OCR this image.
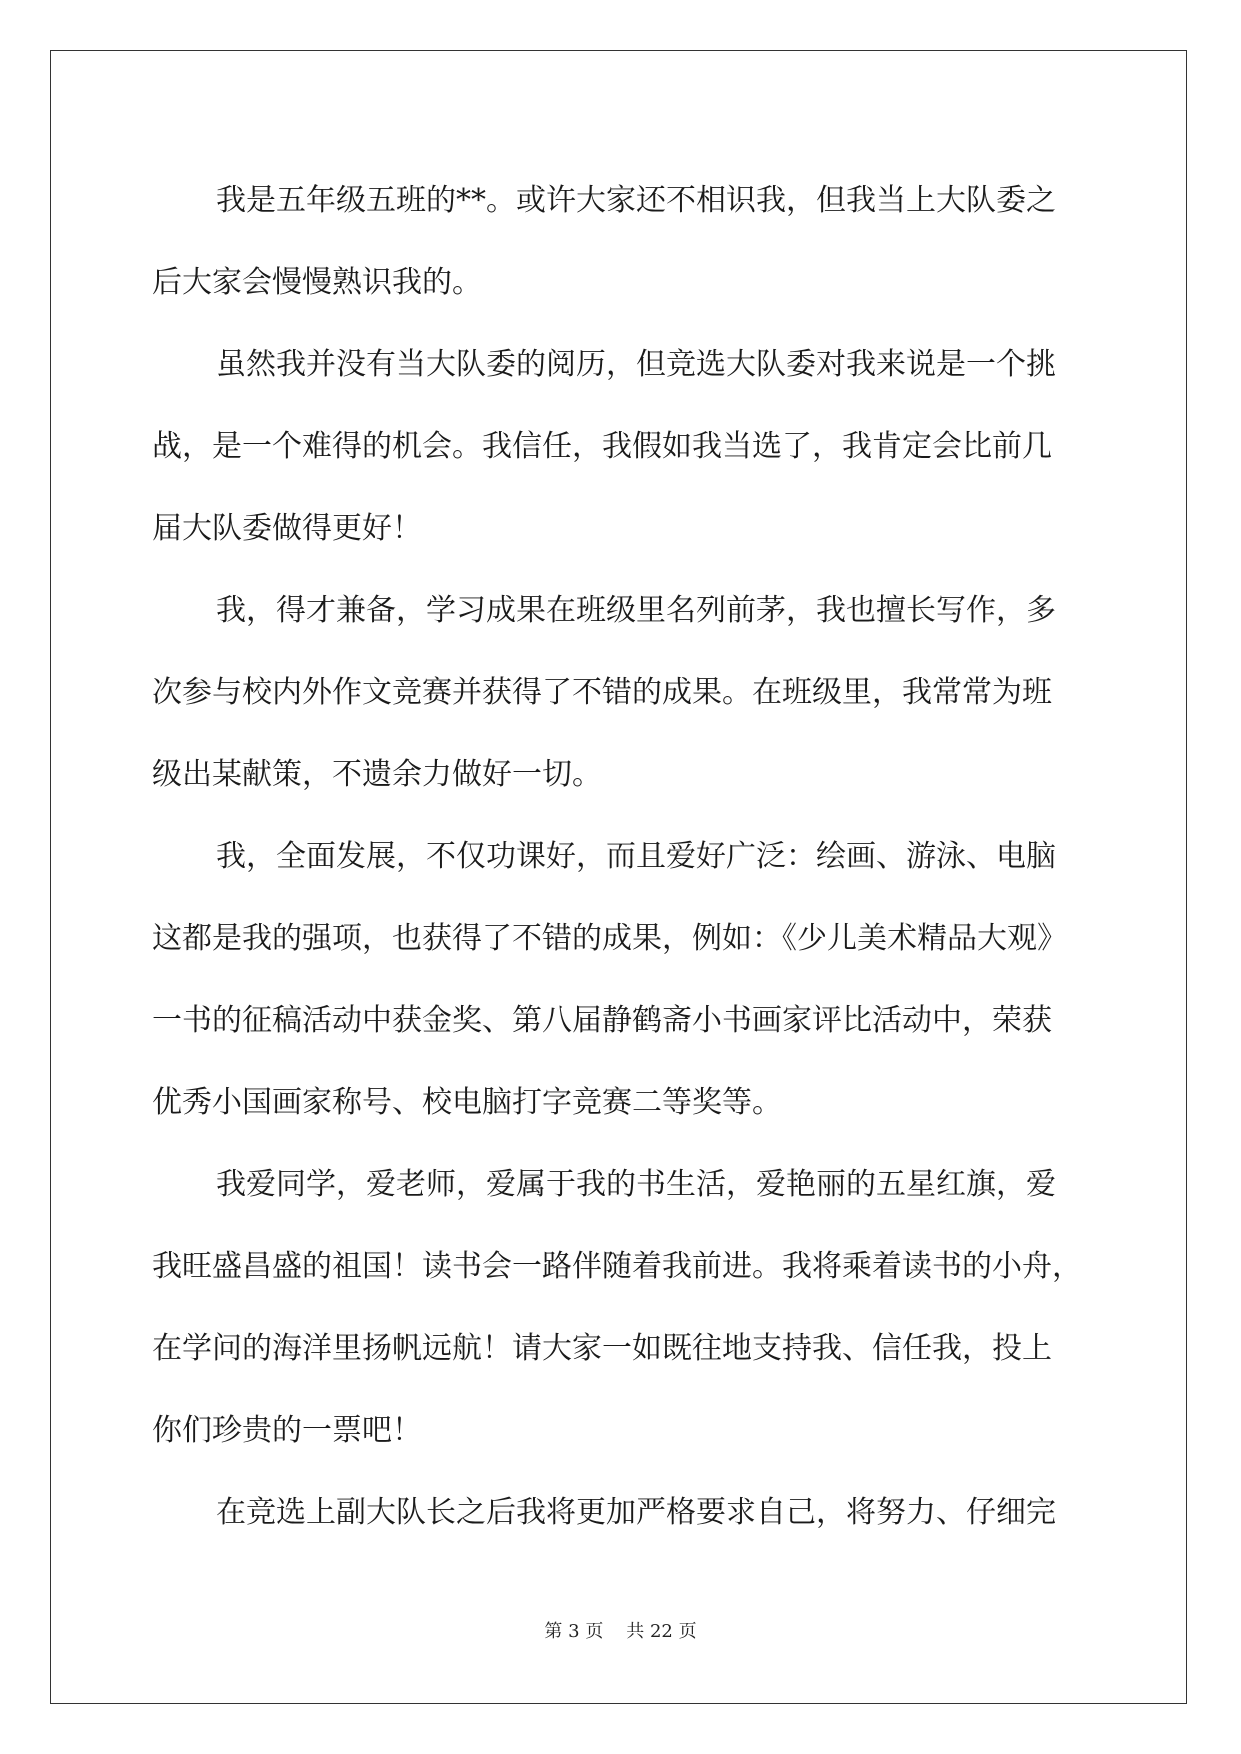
我是五年级五班的**。或许大家还不相识我，但我当上大队委之
后大家会慢慢熟识我的。

虽然我并没有当大队委的阅历，但竞选大队委对我来说是一个挑
战，是一个难得的机会。我信任，我假如我当选了，我肯定会比前几
届大队委做得更好！

我，得才兼备，学习成果在班级里名列前茅，我也擅长写作，多
次参与校内外作文竞赛并获得了不错的成果。在班级里，我常常为班
级出某献策，不遗余力做好一切。

我，全面发展，不仅功课好，而且爱好广泛：绘画、游泳、电脑
这都是我的强项，也获得了不错的成果，例如：《少儿美术精品大观》
一书的征稿活动中获金奖、第八届静鹤斋小书画家评比活动中，荣获
优秀小国画家称号、校电脑打字竞赛二等奖等。

我爱同学，爱老师，爱属于我的书生活，爱艳丽的五星红旗，爱
我旺盛昌盛的祖国！读书会一路伴随着我前进。我将乘着读书的小舟，
在学问的海洋里扬帆远航！请大家一如既往地支持我、信任我，投上
你们珍贵的一票吧！

在竞选上副大队长之后我将更加严格要求自己，将努力、仔细完

第 3 页 共 22 页
